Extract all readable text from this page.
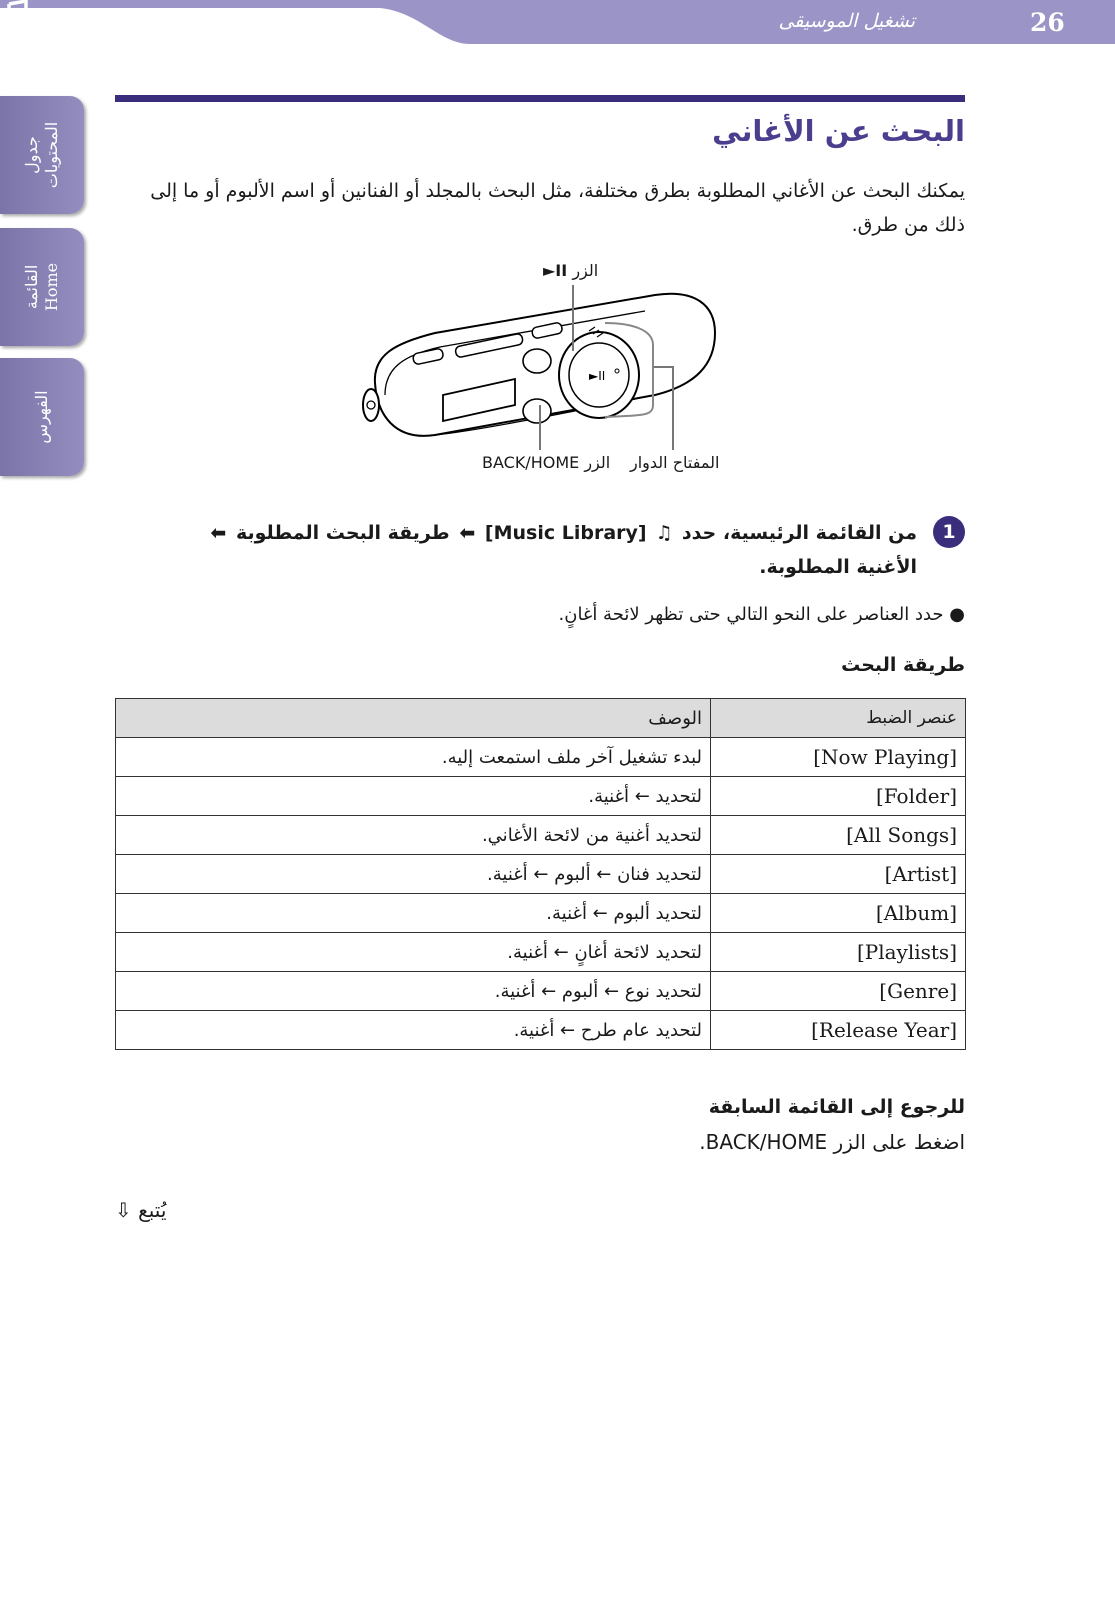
تشغيل الموسيقى	26
جدول المحتويات
القائمة Home
الفهرس
البحث عن الأغاني
يمكنك البحث عن الأغاني المطلوبة بطرق مختلفة، مثل البحث بالمجلد أو الفنانين أو اسم الألبوم أو ما إلى ذلك من طرق.
►II
►II الزر
BACK/HOME الزر المفتاح الدوار
1
من القائمة الرئيسية، حدد ♫ [Music Library] ⬅ طريقة البحث المطلوبة ⬅ الأغنية المطلوبة.
● حدد العناصر على النحو التالي حتى تظهر لائحة أغانٍ.
طريقة البحث
عنصر الضبط	الوصف
[Now Playing]	لبدء تشغيل آخر ملف استمعت إليه.
[Folder]	لتحديد ← أغنية.
[All Songs]	لتحديد أغنية من لائحة الأغاني.
[Artist]	لتحديد فنان ← ألبوم ← أغنية.
[Album]	لتحديد ألبوم ← أغنية.
[Playlists]	لتحديد لائحة أغانٍ ← أغنية.
[Genre]	لتحديد نوع ← ألبوم ← أغنية.
[Release Year]	لتحديد عام طرح ← أغنية.
للرجوع إلى القائمة السابقة
اضغط على الزر BACK/HOME.
يُتبع ⇩
